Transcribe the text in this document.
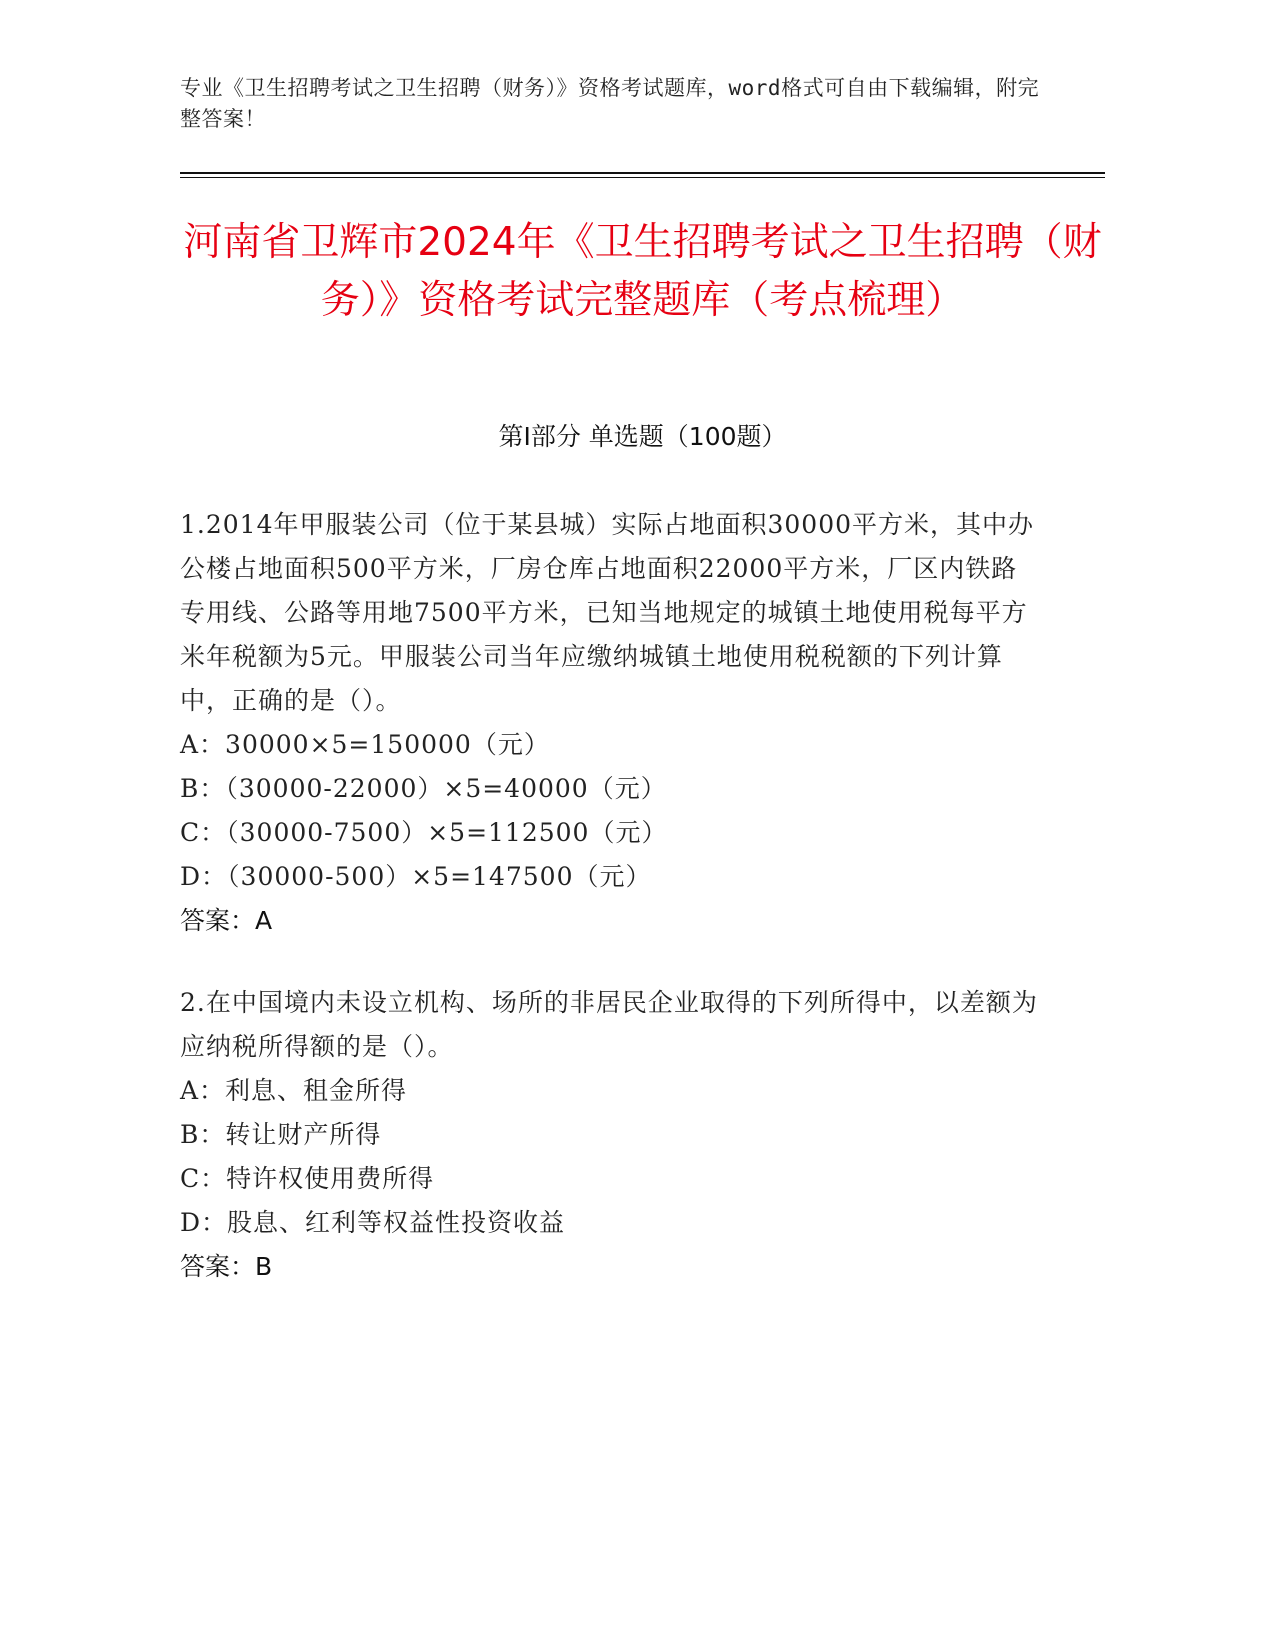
专业《卫生招聘考试之卫生招聘（财务）》资格考试题库，word格式可自由下载编辑，附完整答案！
河南省卫辉市2024年《卫生招聘考试之卫生招聘（财务）》资格考试完整题库（考点梳理）
第Ⅰ部分 单选题（100题）
1.2014年甲服装公司（位于某县城）实际占地面积30000平方米，其中办公楼占地面积500平方米，厂房仓库占地面积22000平方米，厂区内铁路专用线、公路等用地7500平方米，已知当地规定的城镇土地使用税每平方米年税额为5元。甲服装公司当年应缴纳城镇土地使用税税额的下列计算中，正确的是（）。
A：30000×5=150000（元）
B：（30000-22000）×5=40000（元）
C：（30000-7500）×5=112500（元）
D：（30000-500）×5=147500（元）
答案：A
2.在中国境内未设立机构、场所的非居民企业取得的下列所得中，以差额为应纳税所得额的是（）。
A：利息、租金所得
B：转让财产所得
C：特许权使用费所得
D：股息、红利等权益性投资收益
答案：B
